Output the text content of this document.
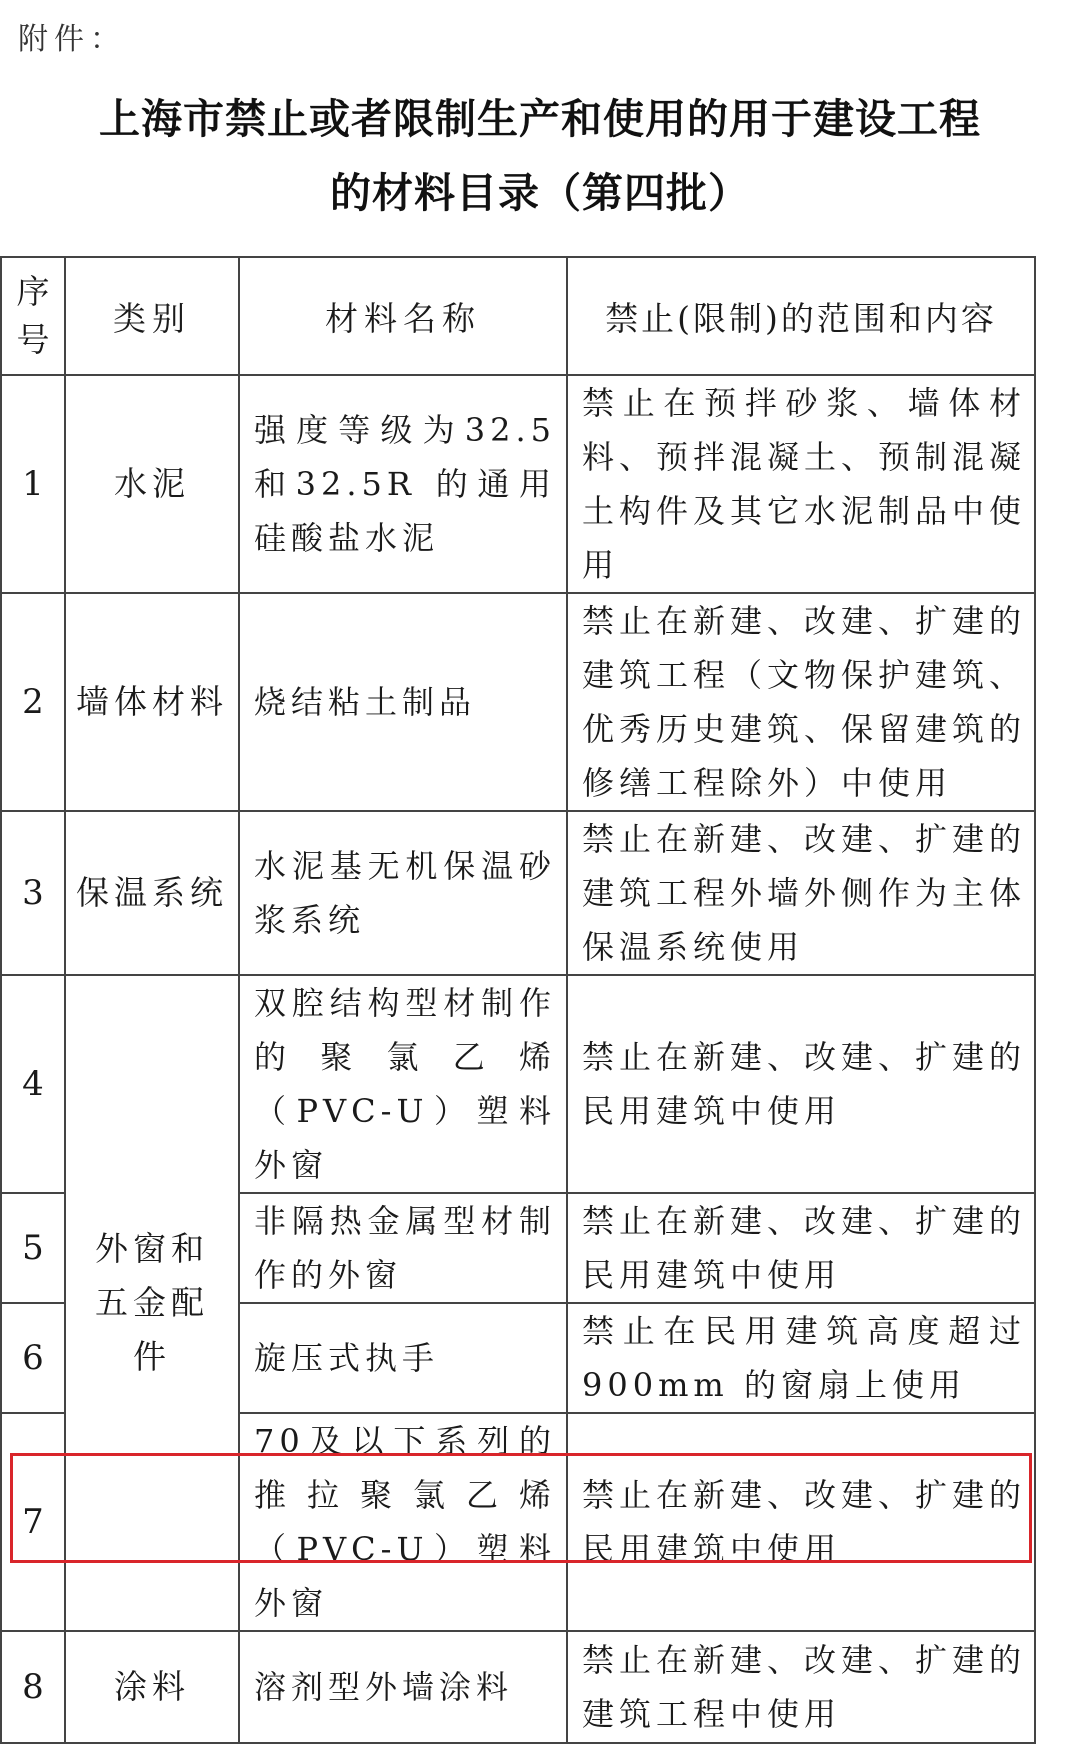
附件：
上海市禁止或者限制生产和使用的用于建设工程
的材料目录（第四批）
序号	类别	材料名称	禁止(限制)的范围和内容
1	水泥	强度等级为32.5和32.5R 的通用硅酸盐水泥	禁止在预拌砂浆、墙体材料、预拌混凝土、预制混凝土构件及其它水泥制品中使用
2	墙体材料	烧结粘土制品	禁止在新建、改建、扩建的建筑工程（文物保护建筑、优秀历史建筑、保留建筑的修缮工程除外）中使用
3	保温系统	水泥基无机保温砂浆系统	禁止在新建、改建、扩建的建筑工程外墙外侧作为主体保温系统使用
4	外窗和五金配件	双腔结构型材制作的聚氯乙烯（PVC-U）塑料外窗	禁止在新建、改建、扩建的民用建筑中使用
5		非隔热金属型材制作的外窗	禁止在新建、改建、扩建的民用建筑中使用
6		旋压式执手	禁止在民用建筑高度超过900mm 的窗扇上使用
7		70及以下系列的推拉聚氯乙烯（PVC-U）塑料外窗	禁止在新建、改建、扩建的民用建筑中使用
8	涂料	溶剂型外墙涂料	禁止在新建、改建、扩建的建筑工程中使用
